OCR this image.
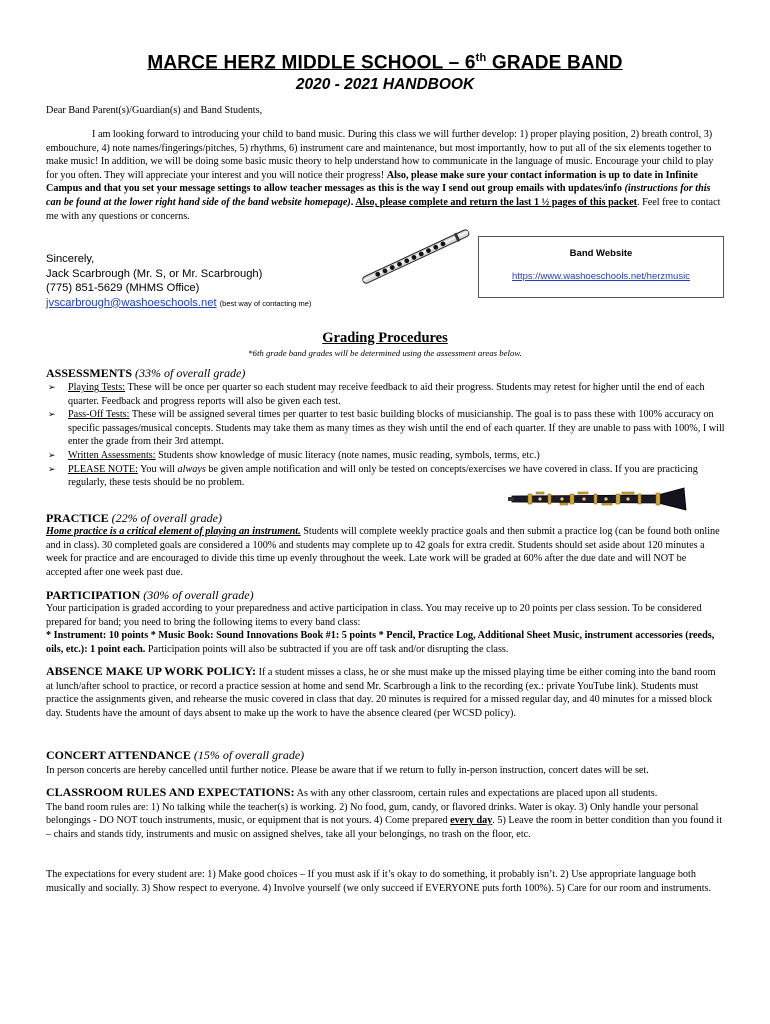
MARCE HERZ MIDDLE SCHOOL – 6th GRADE BAND
2020 - 2021 HANDBOOK
Dear Band Parent(s)/Guardian(s) and Band Students,
I am looking forward to introducing your child to band music. During this class we will further develop: 1) proper playing position, 2) breath control, 3) embouchure, 4) note names/fingerings/pitches, 5) rhythms, 6) instrument care and maintenance, but most importantly, how to put all of the six elements together to make music! In addition, we will be doing some basic music theory to help understand how to communicate in the language of music. Encourage your child to play for you often. They will appreciate your interest and you will notice their progress! Also, please make sure your contact information is up to date in Infinite Campus and that you set your message settings to allow teacher messages as this is the way I send out group emails with updates/info (instructions for this can be found at the lower right hand side of the band website homepage). Also, please complete and return the last 1 ½ pages of this packet. Feel free to contact me with any questions or concerns.
Sincerely,
Jack Scarbrough (Mr. S, or Mr. Scarbrough)
(775) 851-5629 (MHMS Office)
jvscarbrough@washoeschools.net (best way of contacting me)
Band Website
https://www.washoeschools.net/herzmusic
Grading Procedures
*6th grade band grades will be determined using the assessment areas below.
ASSESSMENTS (33% of overall grade)
➢ Playing Tests: These will be once per quarter so each student may receive feedback to aid their progress. Students may retest for higher until the end of each quarter. Feedback and progress reports will also be given each test.
➢ Pass-Off Tests: These will be assigned several times per quarter to test basic building blocks of musicianship. The goal is to pass these with 100% accuracy on specific passages/musical concepts. Students may take them as many times as they wish until the end of each quarter. If they are unable to pass with 100%, I will enter the grade from their 3rd attempt.
➢ Written Assessments: Students show knowledge of music literacy (note names, music reading, symbols, terms, etc.)
➢ PLEASE NOTE: You will always be given ample notification and will only be tested on concepts/exercises we have covered in class. If you are practicing regularly, these tests should be no problem.
PRACTICE (22% of overall grade)
Home practice is a critical element of playing an instrument. Students will complete weekly practice goals and then submit a practice log (can be found both online and in class). 30 completed goals are considered a 100% and students may complete up to 42 goals for extra credit. Students should set aside about 120 minutes a week for practice and are encouraged to divide this time up evenly throughout the week. Late work will be graded at 60% after the due date and will NOT be accepted after one week past due.
PARTICIPATION (30% of overall grade)
Your participation is graded according to your preparedness and active participation in class. You may receive up to 20 points per class session. To be considered prepared for band; you need to bring the following items to every band class:
* Instrument: 10 points * Music Book: Sound Innovations Book #1: 5 points * Pencil, Practice Log, Additional Sheet Music, instrument accessories (reeds, oils, etc.): 1 point each. Participation points will also be subtracted if you are off task and/or disrupting the class.
ABSENCE MAKE UP WORK POLICY: If a student misses a class, he or she must make up the missed playing time be either coming into the band room at lunch/after school to practice, or record a practice session at home and send Mr. Scarbrough a link to the recording (ex.: private YouTube link). Students must practice the assignments given, and rehearse the music covered in class that day. 20 minutes is required for a missed regular day, and 40 minutes for a missed block day. Students have the amount of days absent to make up the work to have the absence cleared (per WCSD policy).
CONCERT ATTENDANCE (15% of overall grade)
In person concerts are hereby cancelled until further notice. Please be aware that if we return to fully in-person instruction, concert dates will be set.
CLASSROOM RULES AND EXPECTATIONS: As with any other classroom, certain rules and expectations are placed upon all students.
The band room rules are: 1) No talking while the teacher(s) is working. 2) No food, gum, candy, or flavored drinks. Water is okay. 3) Only handle your personal belongings - DO NOT touch instruments, music, or equipment that is not yours. 4) Come prepared every day. 5) Leave the room in better condition than you found it – chairs and stands tidy, instruments and music on assigned shelves, take all your belongings, no trash on the floor, etc.
The expectations for every student are: 1) Make good choices – If you must ask if it’s okay to do something, it probably isn’t. 2) Use appropriate language both musically and socially. 3) Show respect to everyone. 4) Involve yourself (we only succeed if EVERYONE puts forth 100%). 5) Care for our room and instruments.
